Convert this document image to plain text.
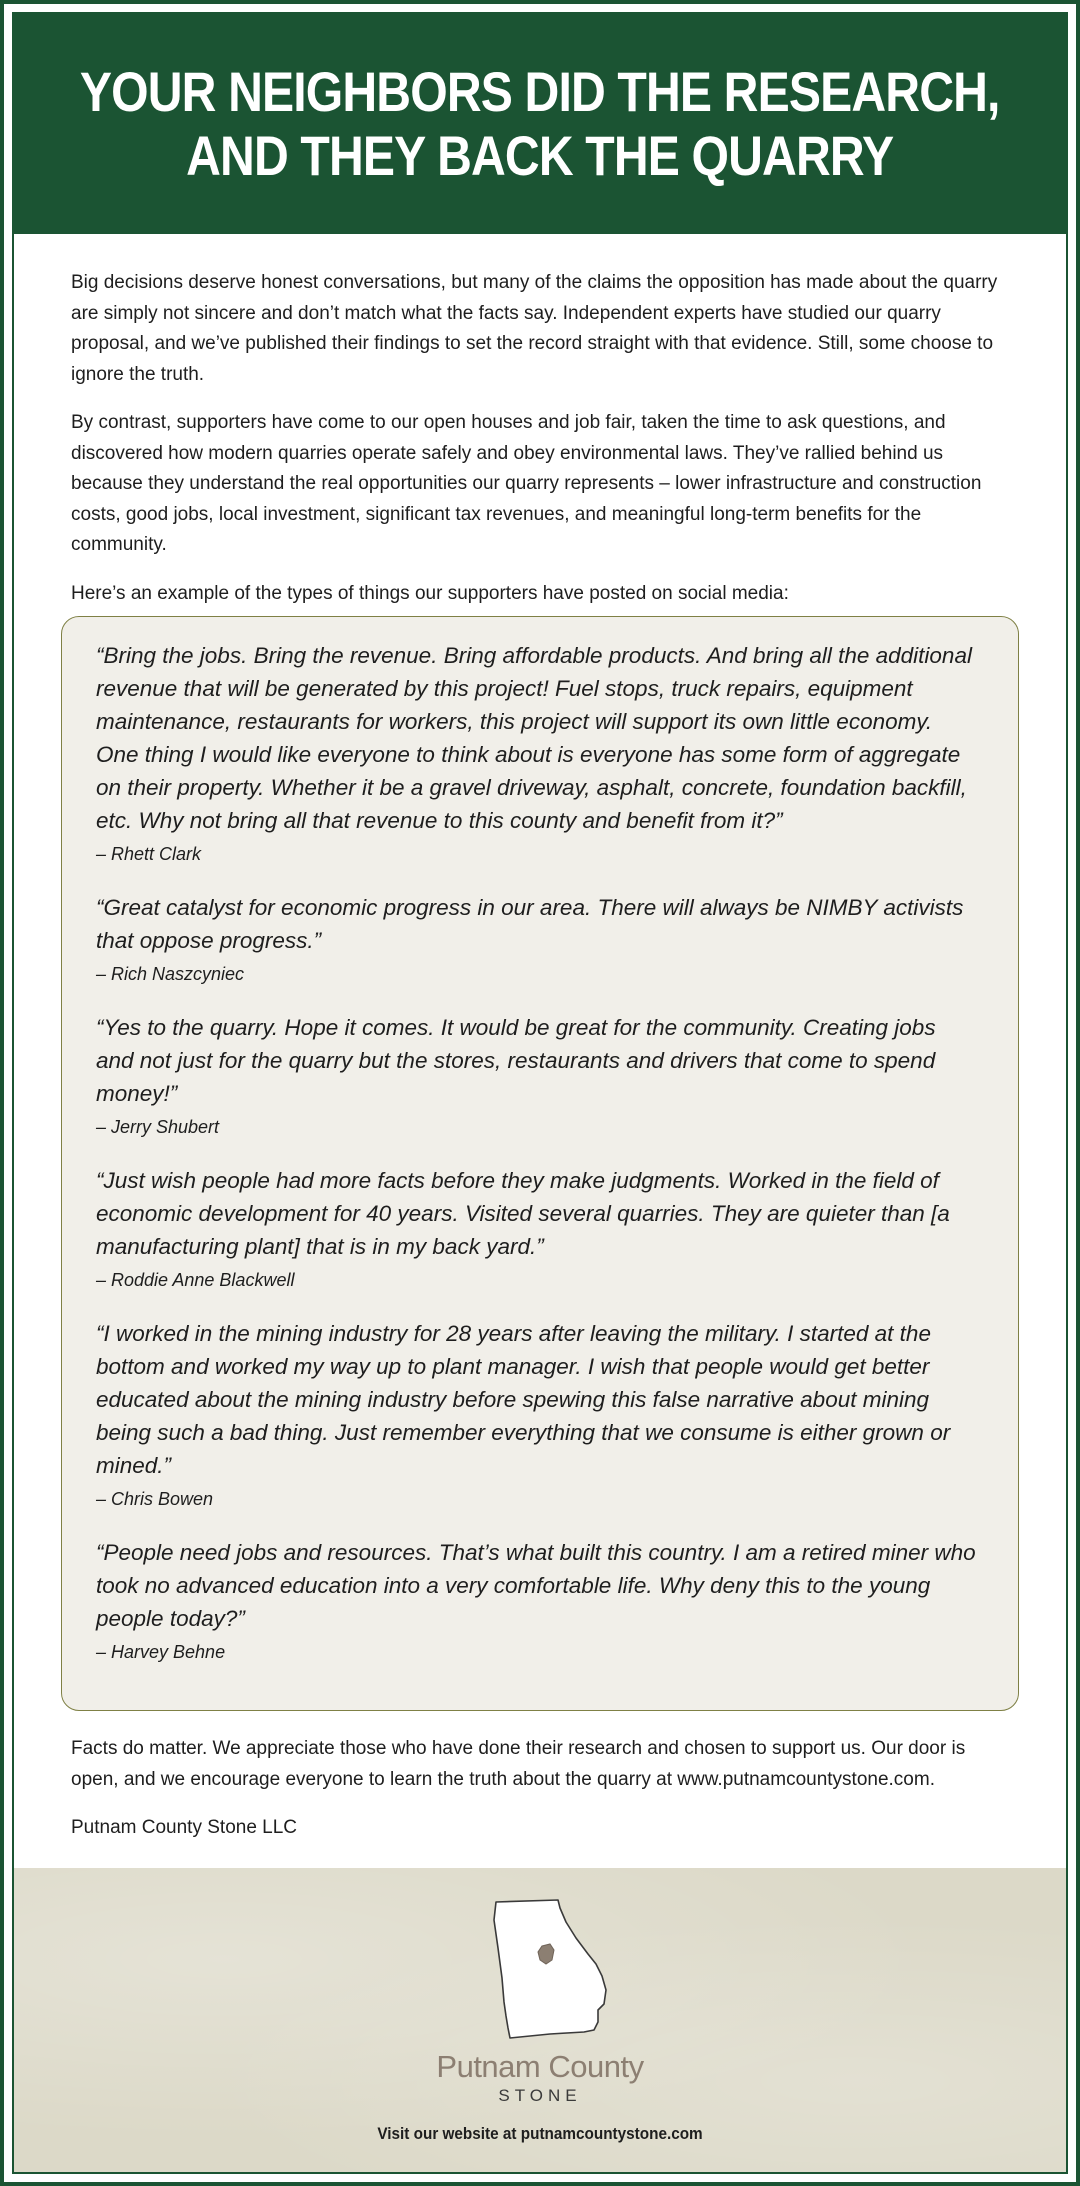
YOUR NEIGHBORS DID THE RESEARCH,
AND THEY BACK THE QUARRY

Big decisions deserve honest conversations, but many of the claims the opposition has made about the quarry are simply not sincere and don’t match what the facts say. Independent experts have studied our quarry proposal, and we’ve published their findings to set the record straight with that evidence. Still, some choose to ignore the truth.

By contrast, supporters have come to our open houses and job fair, taken the time to ask questions, and discovered how modern quarries operate safely and obey environmental laws. They’ve rallied behind us because they understand the real opportunities our quarry represents – lower infrastructure and construction costs, good jobs, local investment, significant tax revenues, and meaningful long-term benefits for the community.

Here’s an example of the types of things our supporters have posted on social media:

“Bring the jobs. Bring the revenue. Bring affordable products. And bring all the additional revenue that will be generated by this project! Fuel stops, truck repairs, equipment maintenance, restaurants for workers, this project will support its own little economy. One thing I would like everyone to think about is everyone has some form of aggregate on their property. Whether it be a gravel driveway, asphalt, concrete, foundation backfill, etc. Why not bring all that revenue to this county and benefit from it?”

– Rhett Clark

“Great catalyst for economic progress in our area. There will always be NIMBY activists that oppose progress.”

– Rich Naszcyniec

“Yes to the quarry. Hope it comes. It would be great for the community. Creating jobs and not just for the quarry but the stores, restaurants and drivers that come to spend money!”

– Jerry Shubert

“Just wish people had more facts before they make judgments. Worked in the field of economic development for 40 years. Visited several quarries. They are quieter than [a manufacturing plant] that is in my back yard.”

– Roddie Anne Blackwell

“I worked in the mining industry for 28 years after leaving the military. I started at the bottom and worked my way up to plant manager. I wish that people would get better educated about the mining industry before spewing this false narrative about mining being such a bad thing. Just remember everything that we consume is either grown or mined.”

– Chris Bowen

“People need jobs and resources. That’s what built this country. I am a retired miner who took no advanced education into a very comfortable life. Why deny this to the young people today?”

– Harvey Behne

Facts do matter. We appreciate those who have done their research and chosen to support us. Our door is open, and we encourage everyone to learn the truth about the quarry at www.putnamcountystone.com.

Putnam County Stone LLC

Putnam County
STONE
Visit our website at putnamcountystone.com
